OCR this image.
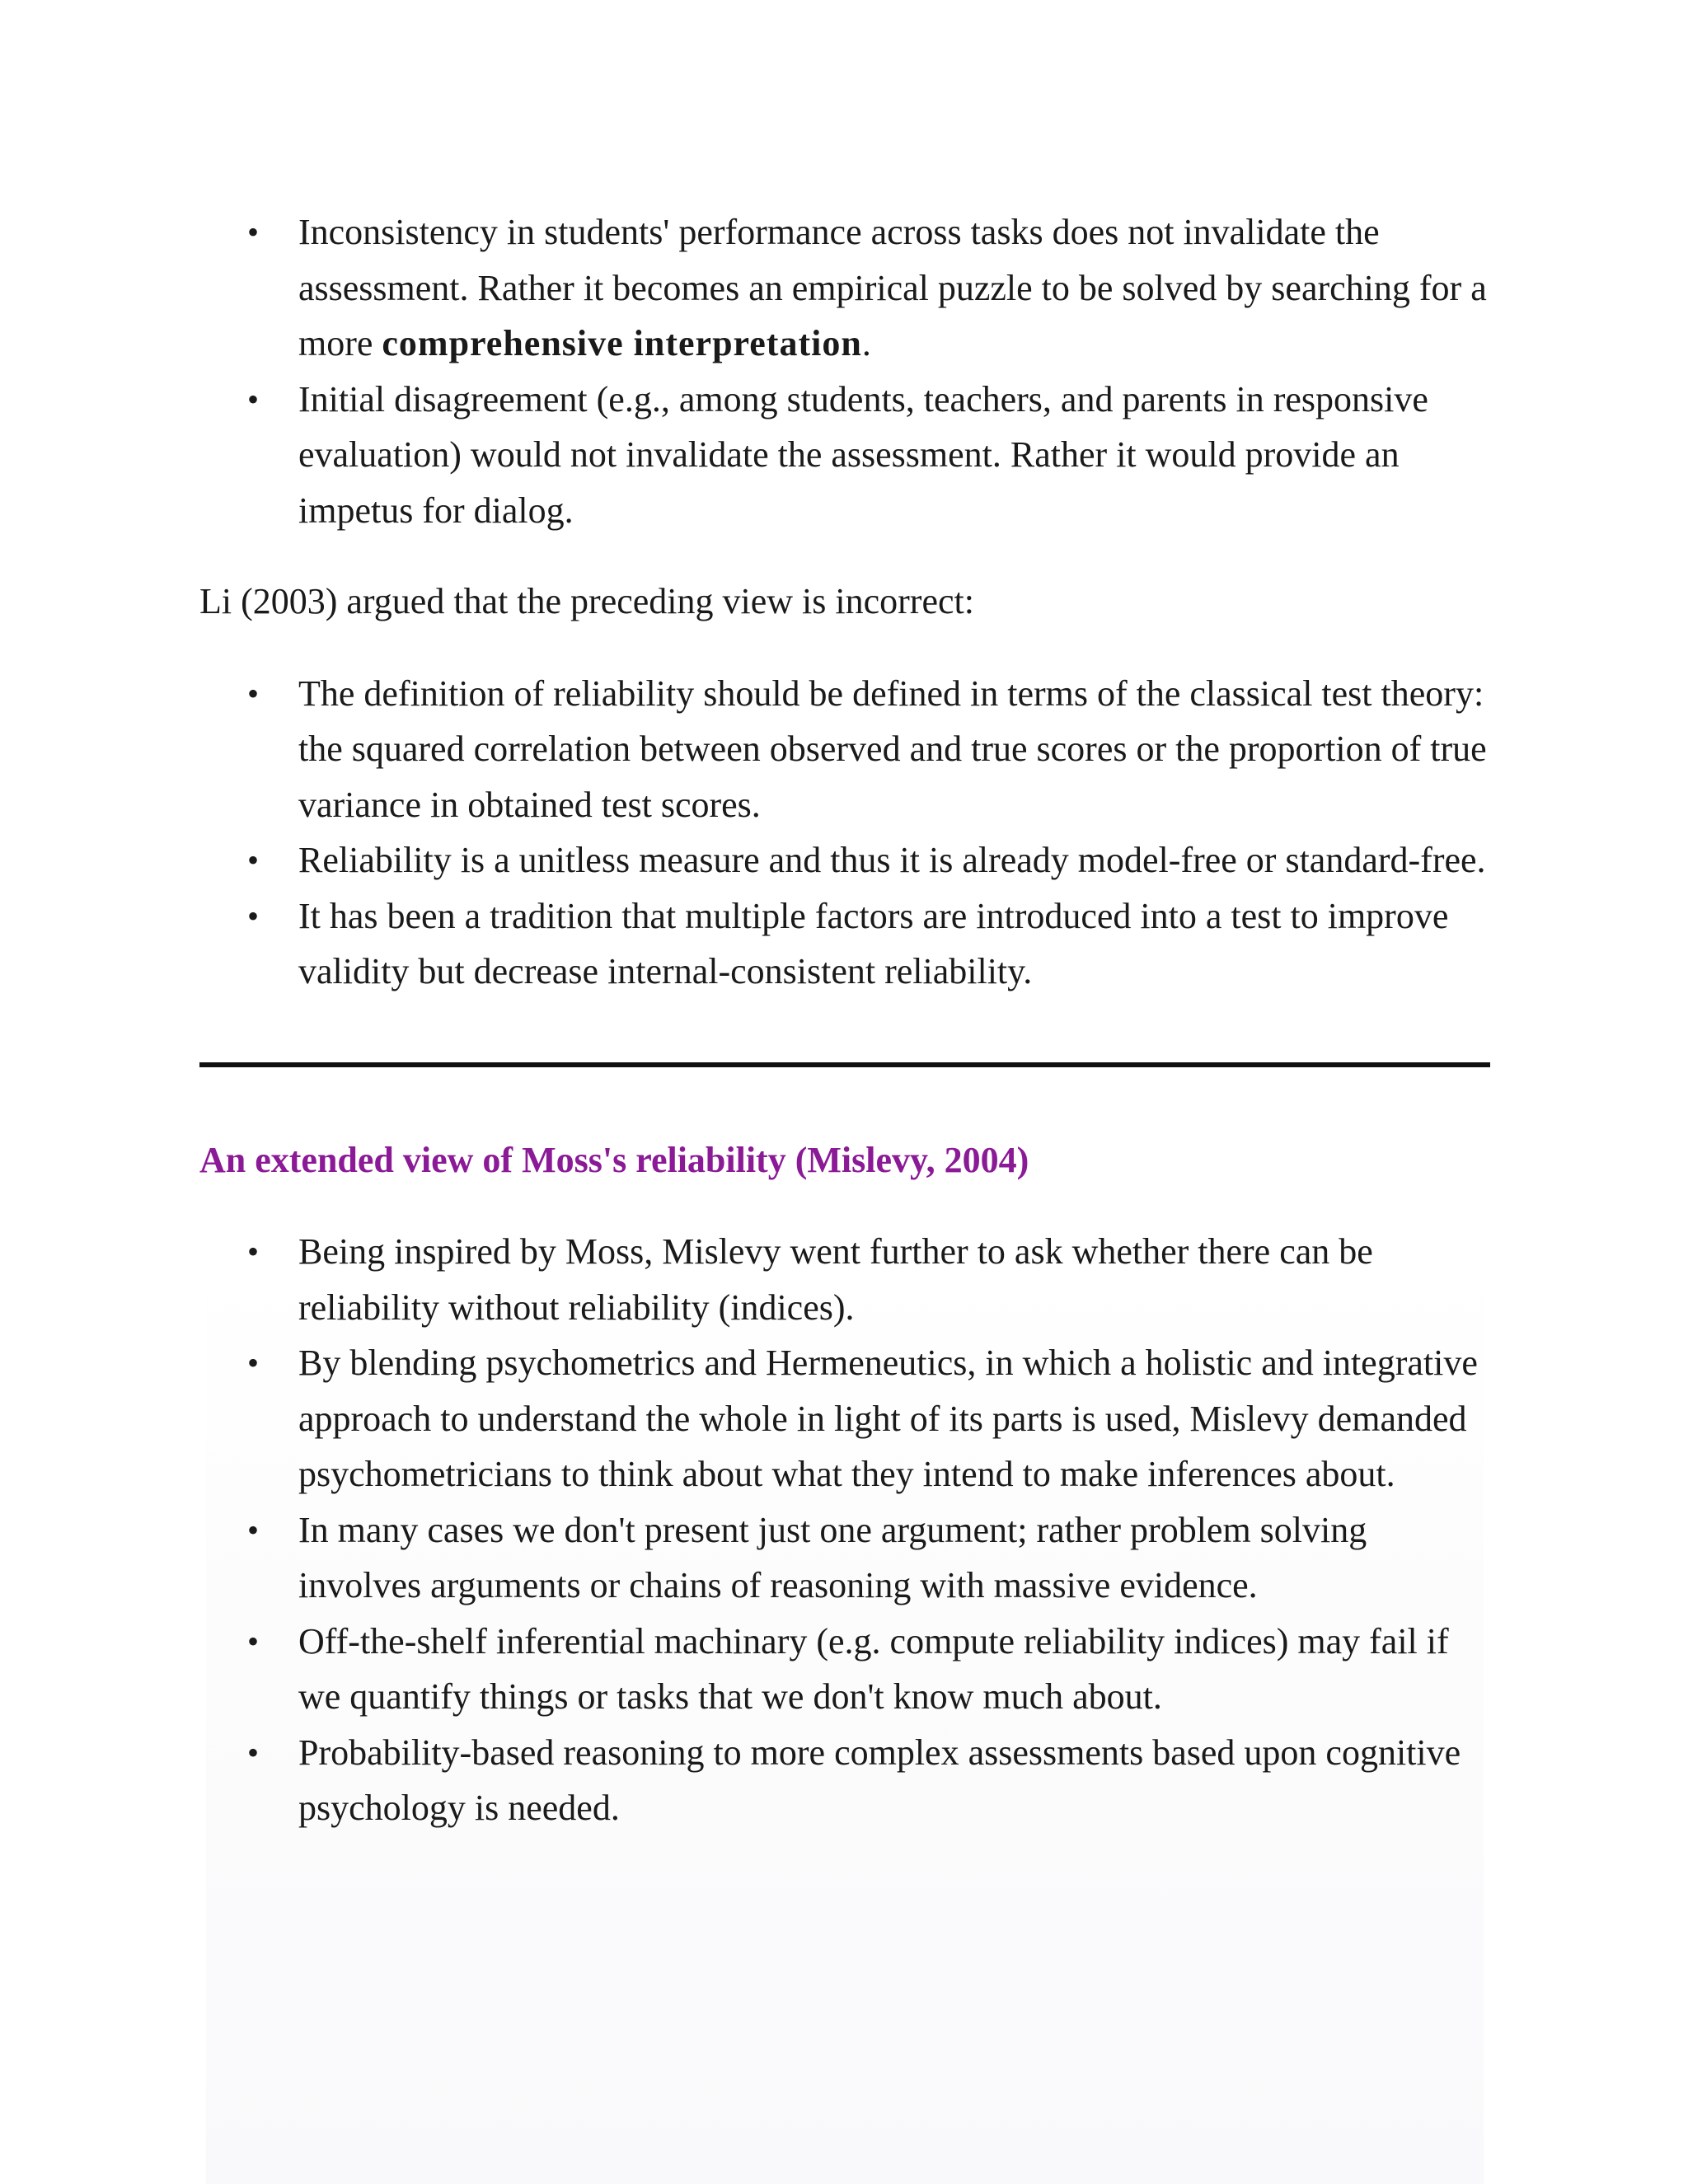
• Inconsistency in students' performance across tasks does not invalidate the assessment. Rather it becomes an empirical puzzle to be solved by searching for a more comprehensive interpretation.
• Initial disagreement (e.g., among students, teachers, and parents in responsive evaluation) would not invalidate the assessment. Rather it would provide an impetus for dialog.

Li (2003) argued that the preceding view is incorrect:

• The definition of reliability should be defined in terms of the classical test theory: the squared correlation between observed and true scores or the proportion of true variance in obtained test scores.
• Reliability is a unitless measure and thus it is already model-free or standard-free.
• It has been a tradition that multiple factors are introduced into a test to improve validity but decrease internal-consistent reliability.
An extended view of Moss's reliability (Mislevy, 2004)
• Being inspired by Moss, Mislevy went further to ask whether there can be reliability without reliability (indices).
• By blending psychometrics and Hermeneutics, in which a holistic and integrative approach to understand the whole in light of its parts is used, Mislevy demanded psychometricians to think about what they intend to make inferences about.
• In many cases we don't present just one argument; rather problem solving involves arguments or chains of reasoning with massive evidence.
• Off-the-shelf inferential machinary (e.g. compute reliability indices) may fail if we quantify things or tasks that we don't know much about.
• Probability-based reasoning to more complex assessments based upon cognitive psychology is needed.
